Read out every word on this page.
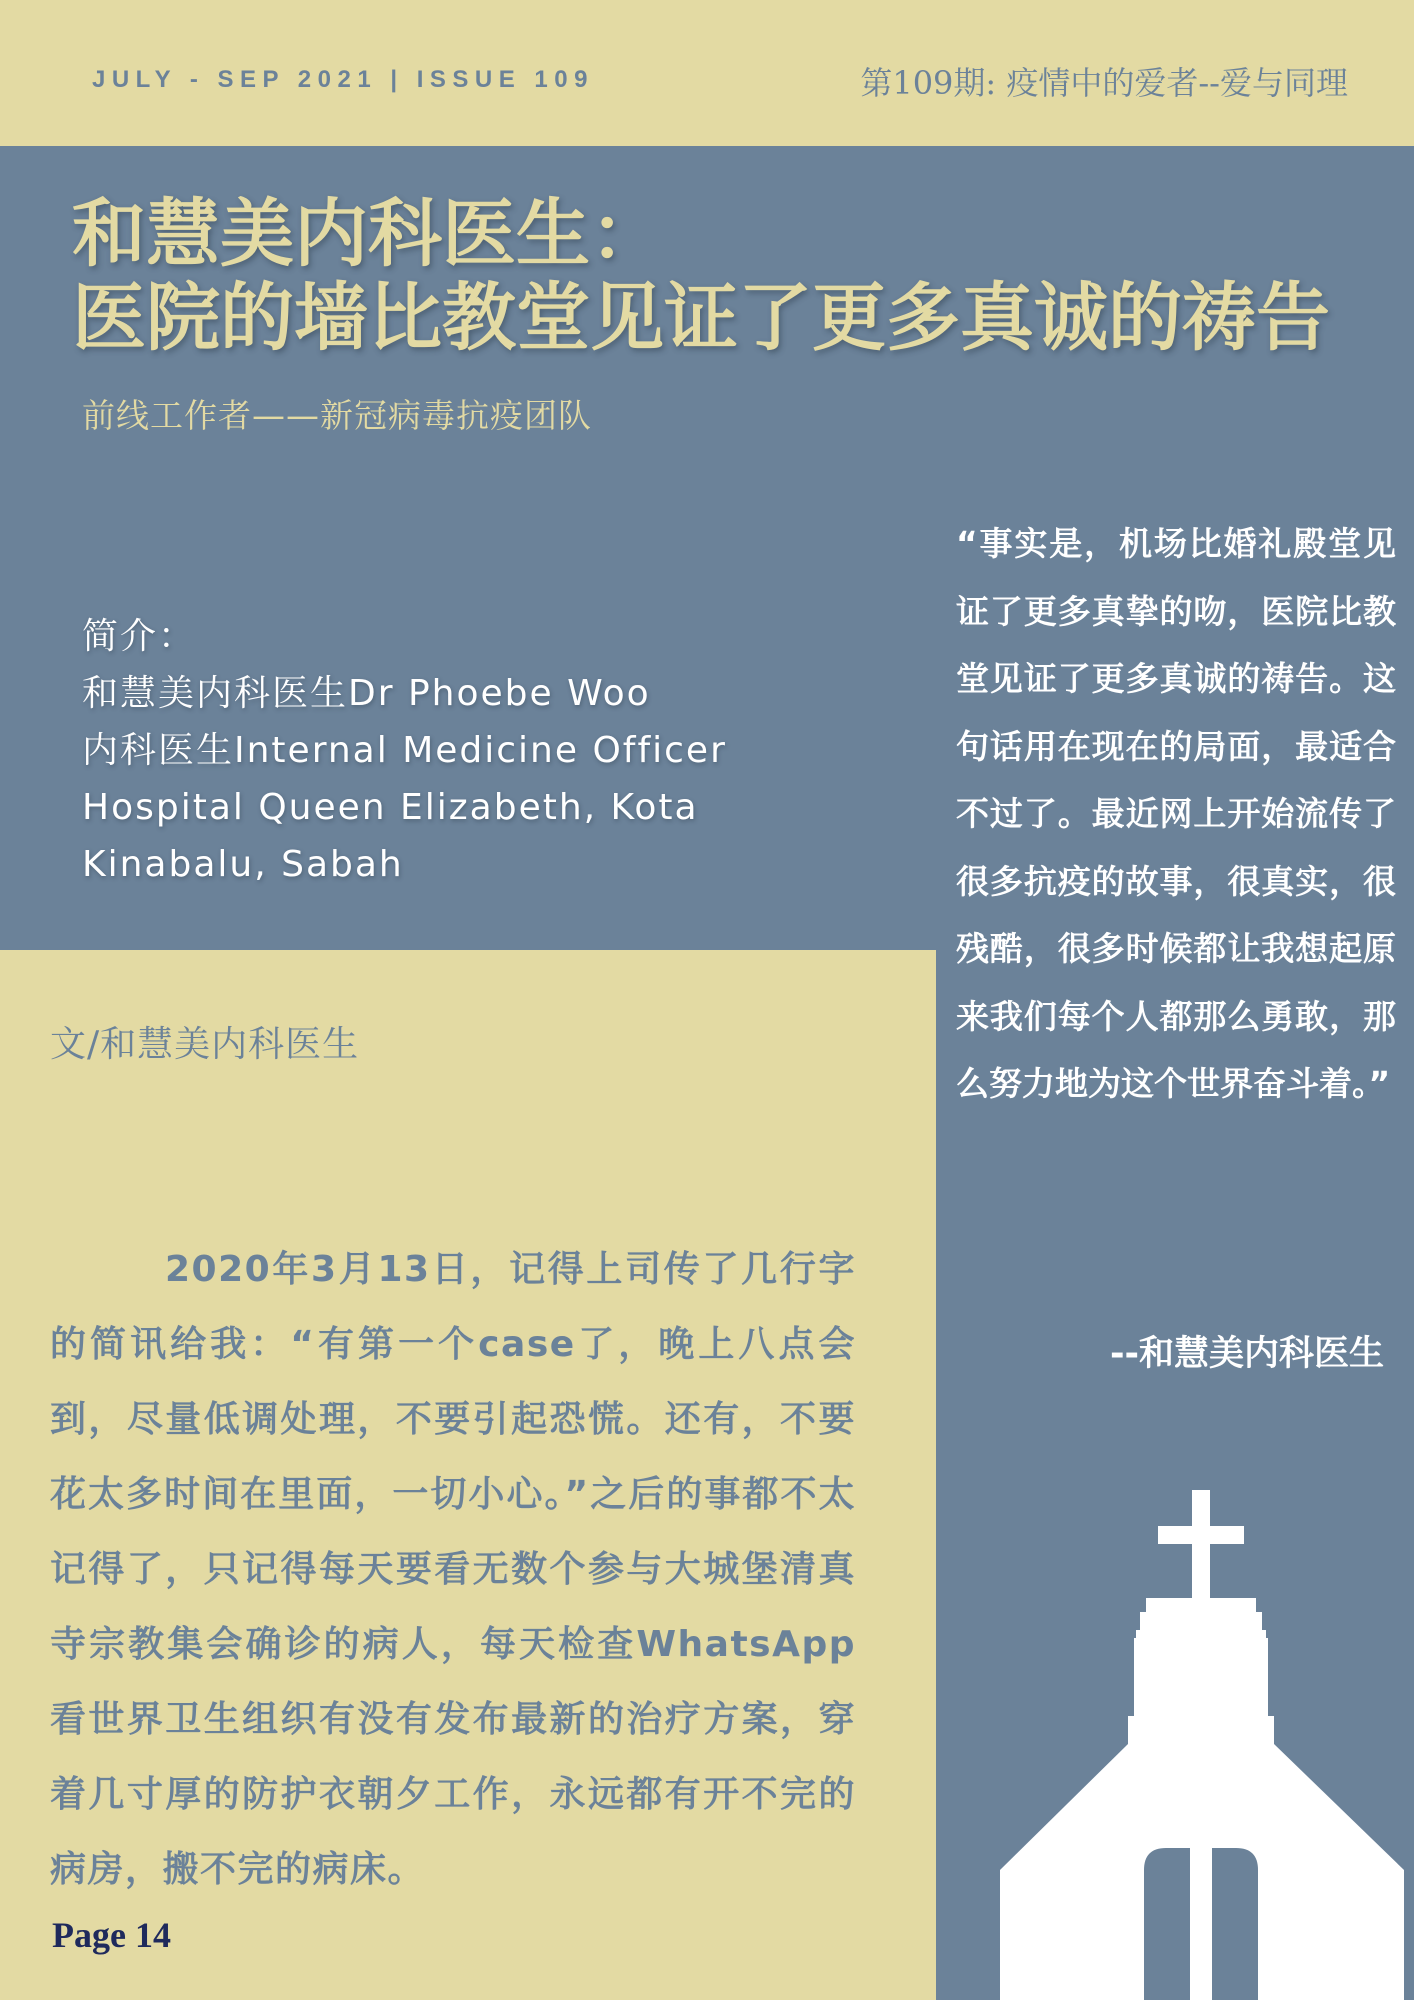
JULY - SEP 2021 | ISSUE 109	第109期: 疫情中的爱者--爱与同理
和慧美内科医生：
医院的墙比教堂见证了更多真诚的祷告
前线工作者——新冠病毒抗疫团队
简介：
和慧美内科医生Dr Phoebe Woo
内科医生Internal Medicine Officer
Hospital Queen Elizabeth, Kota
Kinabalu, Sabah
“事实是，机场比婚礼殿堂见证了更多真挚的吻，医院比教堂见证了更多真诚的祷告。这句话用在现在的局面，最适合不过了。最近网上开始流传了很多抗疫的故事，很真实，很残酷，很多时候都让我想起原来我们每个人都那么勇敢，那么努力地为这个世界奋斗着。”
--和慧美内科医生
文/和慧美内科医生

2020年3月13日，记得上司传了几行字的简讯给我：“有第一个case了，晚上八点会到，尽量低调处理，不要引起恐慌。还有，不要花太多时间在里面，一切小心。”之后的事都不太记得了，只记得每天要看无数个参与大城堡清真寺宗教集会确诊的病人，每天检查WhatsApp看世界卫生组织有没有发布最新的治疗方案，穿着几寸厚的防护衣朝夕工作，永远都有开不完的病房，搬不完的病床。

Page 14
